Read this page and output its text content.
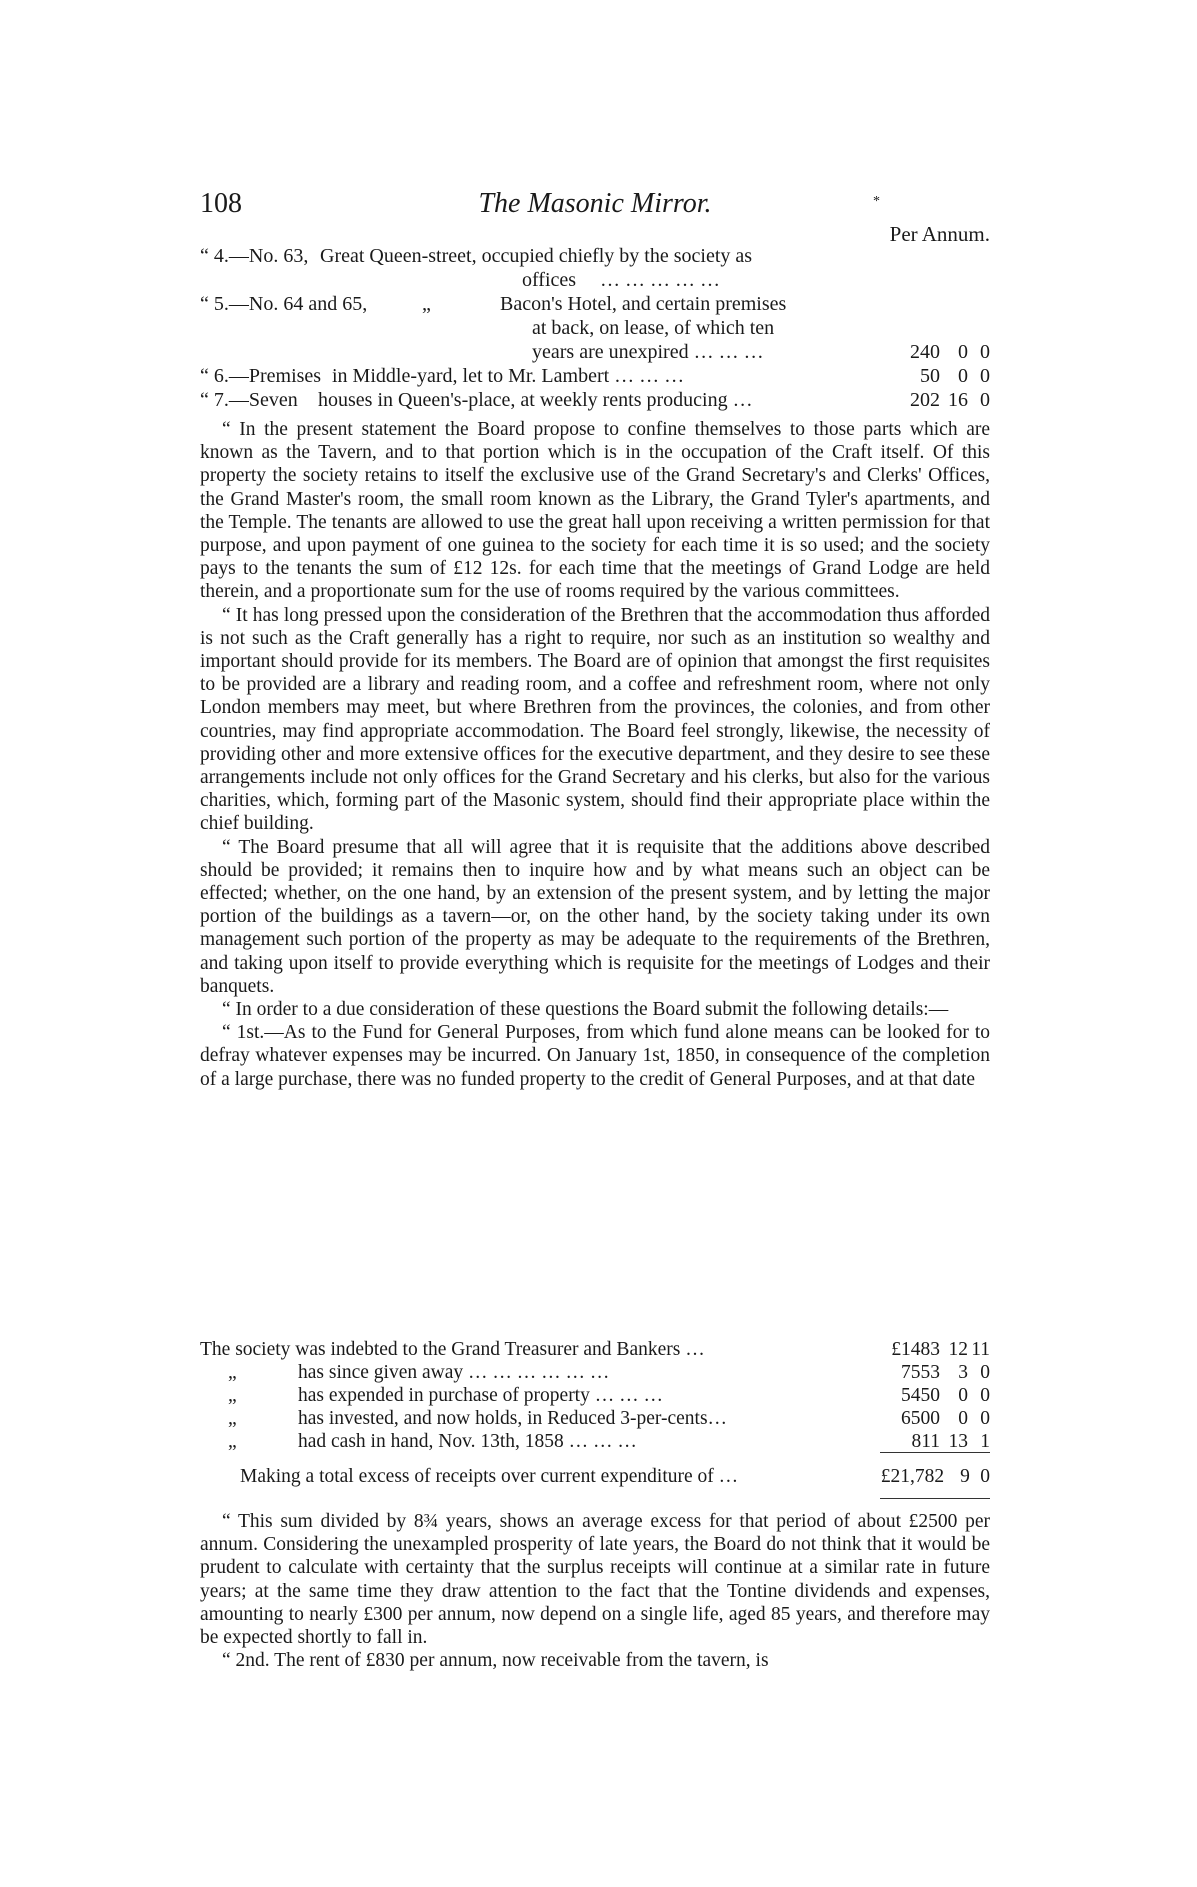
108	The Masonic Mirror.	*
Per Annum.
“ 4.—No. 63, Great Queen-street, occupied chiefly by the society as
offices … … … … …
“ 5.—No. 64 and 65,	„	Bacon's Hotel, and certain premises
at back, on lease, of which ten
years are unexpired … … …	240 0 0
“ 6.—Premises in Middle-yard, let to Mr. Lambert … … …	50 0 0
“ 7.—Seven houses in Queen's-place, at weekly rents producing …	202 16 0

“ In the present statement the Board propose to confine themselves to those parts which are known as the Tavern, and to that portion which is in the occupation of the Craft itself. Of this property the society retains to itself the exclusive use of the Grand Secretary's and Clerks' Offices, the Grand Master's room, the small room known as the Library, the Grand Tyler's apartments, and the Temple. The tenants are allowed to use the great hall upon receiving a written permission for that purpose, and upon payment of one guinea to the society for each time it is so used; and the society pays to the tenants the sum of £12 12s. for each time that the meetings of Grand Lodge are held therein, and a proportionate sum for the use of rooms required by the various committees.

“ It has long pressed upon the consideration of the Brethren that the accommodation thus afforded is not such as the Craft generally has a right to require, nor such as an institution so wealthy and important should provide for its members. The Board are of opinion that amongst the first requisites to be provided are a library and reading room, and a coffee and refreshment room, where not only London members may meet, but where Brethren from the provinces, the colonies, and from other countries, may find appropriate accommodation. The Board feel strongly, likewise, the necessity of providing other and more extensive offices for the executive department, and they desire to see these arrangements include not only offices for the Grand Secretary and his clerks, but also for the various charities, which, forming part of the Masonic system, should find their appropriate place within the chief building.

“ The Board presume that all will agree that it is requisite that the additions above described should be provided; it remains then to inquire how and by what means such an object can be effected; whether, on the one hand, by an extension of the present system, and by letting the major portion of the buildings as a tavern—or, on the other hand, by the society taking under its own management such portion of the property as may be adequate to the requirements of the Brethren, and taking upon itself to provide everything which is requisite for the meetings of Lodges and their banquets.

“ In order to a due consideration of these questions the Board submit the following details:—

“ 1st.—As to the Fund for General Purposes, from which fund alone means can be looked for to defray whatever expenses may be incurred. On January 1st, 1850, in consequence of the completion of a large purchase, there was no funded property to the credit of General Purposes, and at that date

The society was indebted to the Grand Treasurer and Bankers …	£1483 12 11
„	has since given away … … … … … …	7553 3 0
„	has expended in purchase of property … … …	5450 0 0
„	has invested, and now holds, in Reduced 3-per-cents…	6500 0 0
„	had cash in hand, Nov. 13th, 1858 … … …	811 13 1
Making a total excess of receipts over current expenditure of …	£21,782 9 0

“ This sum divided by 8¾ years, shows an average excess for that period of about £2500 per annum. Considering the unexampled prosperity of late years, the Board do not think that it would be prudent to calculate with certainty that the surplus receipts will continue at a similar rate in future years; at the same time they draw attention to the fact that the Tontine dividends and expenses, amounting to nearly £300 per annum, now depend on a single life, aged 85 years, and therefore may be expected shortly to fall in.

“ 2nd. The rent of £830 per annum, now receivable from the tavern, is
